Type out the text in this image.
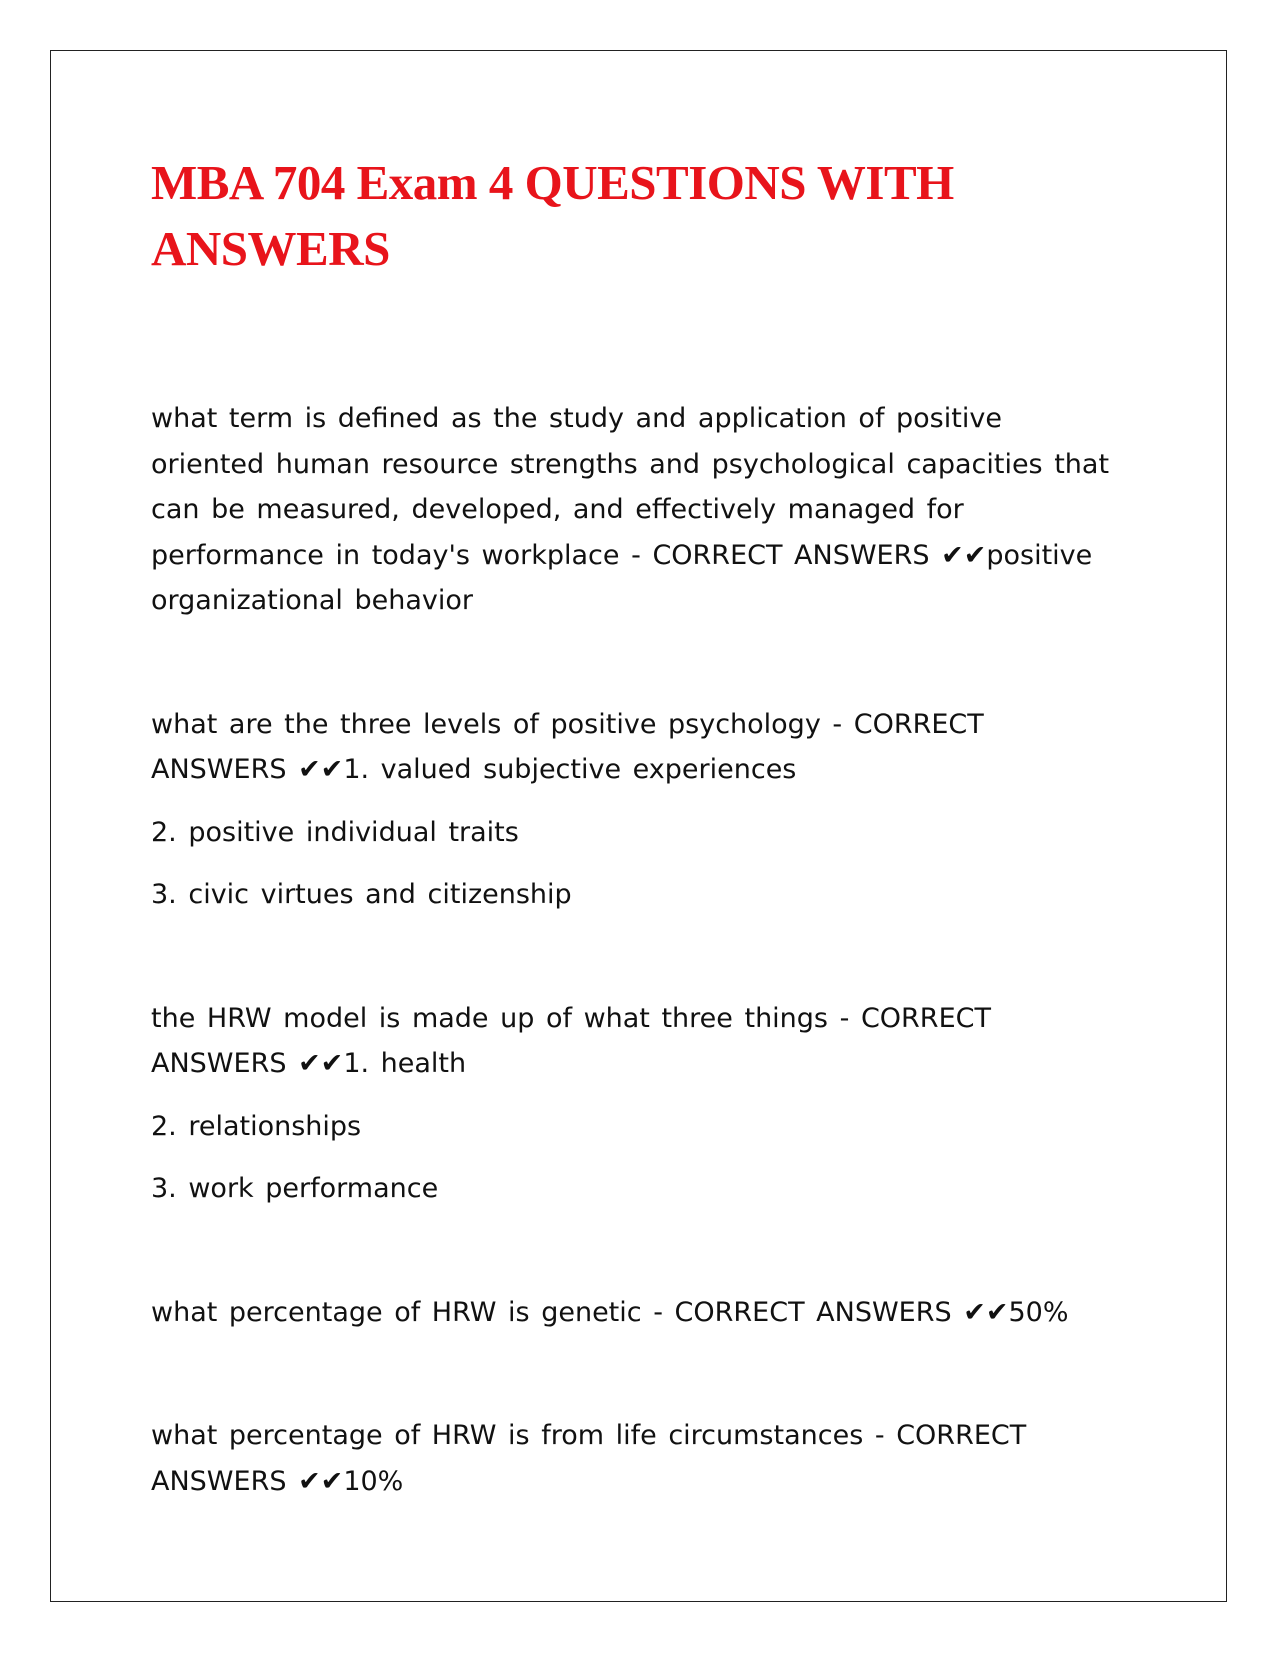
MBA 704 Exam 4 QUESTIONS WITH ANSWERS

what term is defined as the study and application of positive oriented human resource strengths and psychological capacities that can be measured, developed, and effectively managed for performance in today's workplace - CORRECT ANSWERS ✔✔positive organizational behavior

what are the three levels of positive psychology - CORRECT ANSWERS ✔✔1. valued subjective experiences

2. positive individual traits

3. civic virtues and citizenship

the HRW model is made up of what three things - CORRECT ANSWERS ✔✔1. health

2. relationships

3. work performance

what percentage of HRW is genetic - CORRECT ANSWERS ✔✔50%

what percentage of HRW is from life circumstances - CORRECT ANSWERS ✔✔10%
